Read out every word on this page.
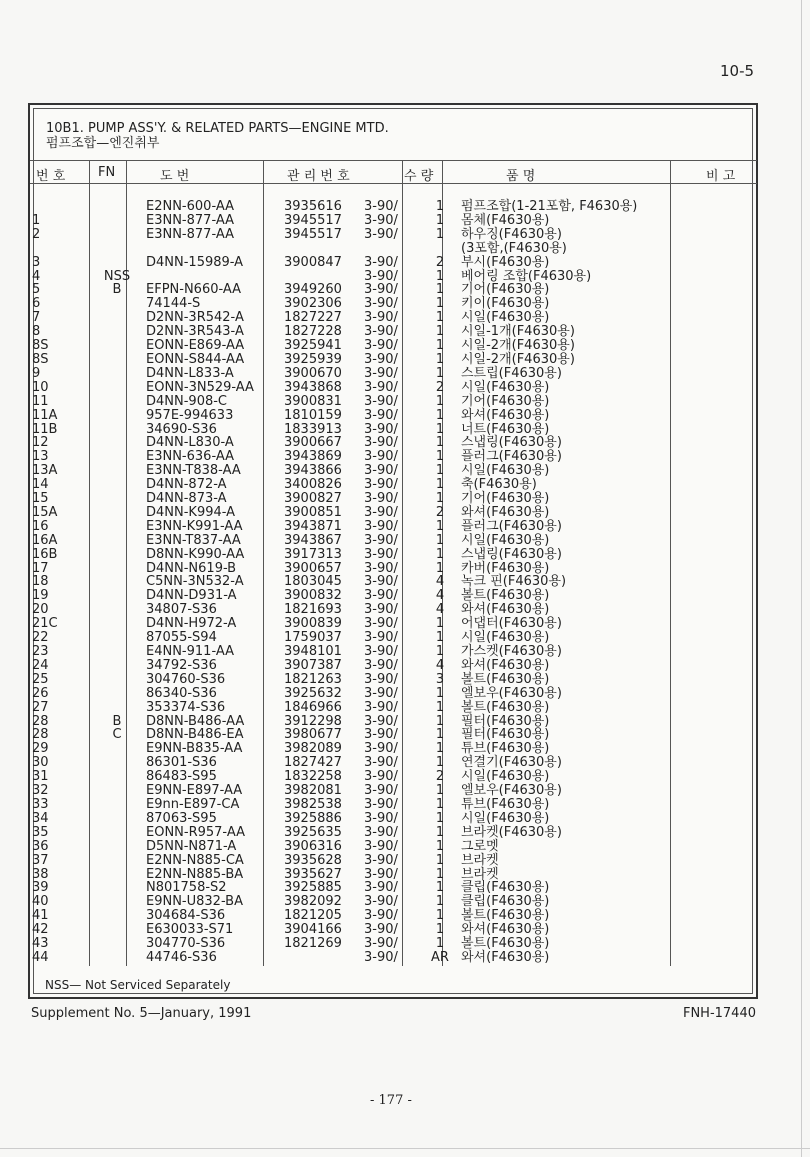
10-5
10B1. PUMP ASS'Y. & RELATED PARTS—ENGINE MTD.
펌프조합—엔진취부
번 호	FN	도 번	관 리 번 호	수 량	품 명	비 고
		E2NN-600-AA	3935616	3-90/	1	펌프조합(1-21포함, F4630용)
1		E3NN-877-AA	3945517	3-90/	1	몸체(F4630용)
2		E3NN-877-AA	3945517	3-90/	1	하우징(F4630용)
						(3포함,(F4630용)
3		D4NN-15989-A	3900847	3-90/	2	부시(F4630용)
4	NSS			3-90/	1	베어링 조합(F4630용)
5	B	EFPN-N660-AA	3949260	3-90/	1	기어(F4630용)
6		74144-S	3902306	3-90/	1	키이(F4630용)
7		D2NN-3R542-A	1827227	3-90/	1	시일(F4630용)
8		D2NN-3R543-A	1827228	3-90/	1	시일-1개(F4630용)
8S		EONN-E869-AA	3925941	3-90/	1	시일-2개(F4630용)
8S		EONN-S844-AA	3925939	3-90/	1	시일-2개(F4630용)
9		D4NN-L833-A	3900670	3-90/	1	스트립(F4630용)
10		EONN-3N529-AA	3943868	3-90/	2	시일(F4630용)
11		D4NN-908-C	3900831	3-90/	1	기어(F4630용)
11A		957E-994633	1810159	3-90/	1	와셔(F4630용)
11B		34690-S36	1833913	3-90/	1	너트(F4630용)
12		D4NN-L830-A	3900667	3-90/	1	스냅링(F4630용)
13		E3NN-636-AA	3943869	3-90/	1	플러그(F4630용)
13A		E3NN-T838-AA	3943866	3-90/	1	시일(F4630용)
14		D4NN-872-A	3400826	3-90/	1	축(F4630용)
15		D4NN-873-A	3900827	3-90/	1	기어(F4630용)
15A		D4NN-K994-A	3900851	3-90/	2	와셔(F4630용)
16		E3NN-K991-AA	3943871	3-90/	1	플러그(F4630용)
16A		E3NN-T837-AA	3943867	3-90/	1	시일(F4630용)
16B		D8NN-K990-AA	3917313	3-90/	1	스냅링(F4630용)
17		D4NN-N619-B	3900657	3-90/	1	카버(F4630용)
18		C5NN-3N532-A	1803045	3-90/	4	녹크 핀(F4630용)
19		D4NN-D931-A	3900832	3-90/	4	볼트(F4630용)
20		34807-S36	1821693	3-90/	4	와셔(F4630용)
21C		D4NN-H972-A	3900839	3-90/	1	어댑터(F4630용)
22		87055-S94	1759037	3-90/	1	시일(F4630용)
23		E4NN-911-AA	3948101	3-90/	1	가스켓(F4630용)
24		34792-S36	3907387	3-90/	4	와셔(F4630용)
25		304760-S36	1821263	3-90/	3	볼트(F4630용)
26		86340-S36	3925632	3-90/	1	엘보우(F4630용)
27		353374-S36	1846966	3-90/	1	볼트(F4630용)
28	B	D8NN-B486-AA	3912298	3-90/	1	필터(F4630용)
28	C	D8NN-B486-EA	3980677	3-90/	1	필터(F4630용)
29		E9NN-B835-AA	3982089	3-90/	1	튜브(F4630용)
30		86301-S36	1827427	3-90/	1	연결기(F4630용)
31		86483-S95	1832258	3-90/	2	시일(F4630용)
32		E9NN-E897-AA	3982081	3-90/	1	엘보우(F4630용)
33		E9nn-E897-CA	3982538	3-90/	1	튜브(F4630용)
34		87063-S95	3925886	3-90/	1	시일(F4630용)
35		EONN-R957-AA	3925635	3-90/	1	브라켓(F4630용)
36		D5NN-N871-A	3906316	3-90/	1	그로멧
37		E2NN-N885-CA	3935628	3-90/	1	브라켓
38		E2NN-N885-BA	3935627	3-90/	1	브라켓
39		N801758-S2	3925885	3-90/	1	클립(F4630용)
40		E9NN-U832-BA	3982092	3-90/	1	클립(F4630용)
41		304684-S36	1821205	3-90/	1	볼트(F4630용)
42		E630033-S71	3904166	3-90/	1	와셔(F4630용)
43		304770-S36	1821269	3-90/	1	볼트(F4630용)
44		44746-S36		3-90/	AR	와셔(F4630용)
NSS— Not Serviced Separately
Supplement No. 5—January, 1991	FNH-17440
- 177 -
